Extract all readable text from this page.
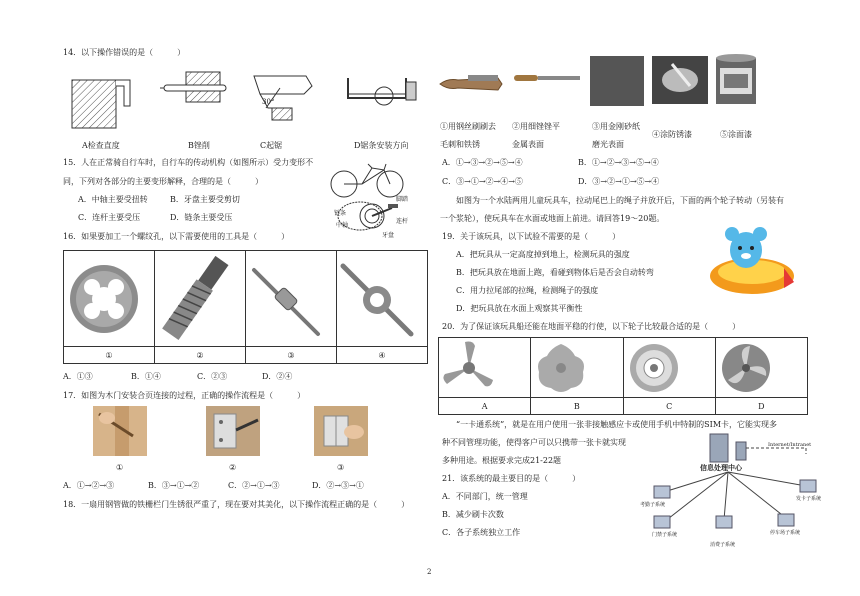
14．以下操作错误的是（　　　）
30°
A检查直度	B锉削	C起锯	D锯条安装方向
15．人在正常骑自行车时，自行车的传动机构（如图所示）受力变形不
同，下列对各部分的主要变形解释，合理的是（　　　）
A．中轴主要受扭转	B．牙盘主要受剪切
C．连杆主要受压	D．链条主要受压
脚踏
链条
中轴
连杆
牙盘
16．如果要加工一个螺纹孔，以下需要使用的工具是（　　　）

①	②	③	④
A．①③	B．①④	C．②③	D．②④
17．如图为木门安装合页连接的过程，正确的操作流程是（　　　）
①	②	③
A．①→②→③	B．③→①→②	C．②→①→③	D．②→③→①
18．一扇用钢管做的铁栅栏门生锈很严重了，现在要对其美化，以下操作流程正确的是（　　　）
①用钢丝刷刷去
毛刺和铁锈
②用细锉锉平
金属表面
③用金刚砂纸
磨光表面
④涂防锈漆	⑤涂面漆
A．①→③→②→⑤→④	B．①→②→③→⑤→④
C．③→①→②→④→⑤	D．③→②→①→⑤→④
如图为一个水陆两用儿童玩具车，拉动尾巴上的绳子并放开后，下面的两个轮子转动（另装有
一个浆轮），使玩具车在水面或地面上前进。请回答19～20题。
19．关于该玩具，以下试验不需要的是（　　　）
A．把玩具从一定高度掉到地上，检测玩具的强度
B．把玩具放在地面上跑，看碰到物体后是否会自动转弯
C．用力拉尾部的拉绳，检测绳子的强度
D．把玩具放在水面上观察其平衡性
20．为了保证该玩具船还能在地面平稳的行使，以下轮子比较最合适的是（　　　）

A	B	C	D
“一卡通系统”，就是在用户使用一张非接触感应卡或使用手机中特制的SIM卡，它能实现多
种不同管理功能，使得客户可以只携带一张卡就实现
多种用途。根据要求完成21-22题
21．该系统的最主要目的是（　　　）
A．不同部门，统一管理
B．减少刷卡次数
C．各子系统独立工作
信息处理中心
Internet/Intranet
考勤子系统
门禁子系统
消费子系统
停车场子系统
发卡子系统
2
